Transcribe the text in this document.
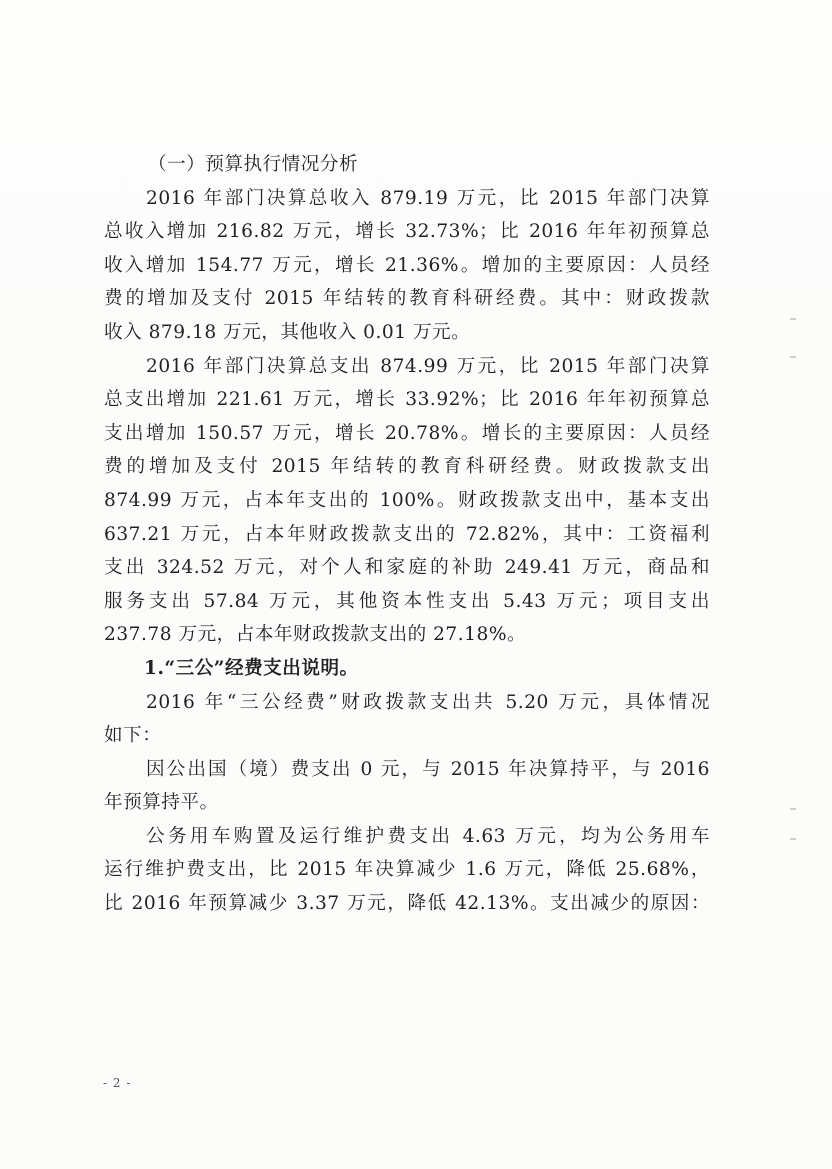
（一）预算执行情况分析
2016 年部门决算总收入 879.19 万元，比 2015 年部门决算
总收入增加 216.82 万元，增长 32.73%；比 2016 年年初预算总
收入增加 154.77 万元，增长 21.36%。增加的主要原因：人员经
费的增加及支付 2015 年结转的教育科研经费。其中：财政拨款
收入 879.18 万元，其他收入 0.01 万元。
2016 年部门决算总支出 874.99 万元，比 2015 年部门决算
总支出增加 221.61 万元，增长 33.92%；比 2016 年年初预算总
支出增加 150.57 万元，增长 20.78%。增长的主要原因：人员经
费的增加及支付 2015 年结转的教育科研经费。财政拨款支出
874.99 万元，占本年支出的 100%。财政拨款支出中，基本支出
637.21 万元，占本年财政拨款支出的 72.82%，其中：工资福利
支出 324.52 万元，对个人和家庭的补助 249.41 万元，商品和
服务支出 57.84 万元，其他资本性支出 5.43 万元；项目支出
237.78 万元，占本年财政拨款支出的 27.18%。
1.“三公”经费支出说明。
2016 年“三公经费”财政拨款支出共 5.20 万元，具体情况
如下：
因公出国（境）费支出 0 元，与 2015 年决算持平，与 2016
年预算持平。
公务用车购置及运行维护费支出 4.63 万元，均为公务用车
运行维护费支出，比 2015 年决算减少 1.6 万元，降低 25.68%，
比 2016 年预算减少 3.37 万元，降低 42.13%。支出减少的原因：
- 2 -
